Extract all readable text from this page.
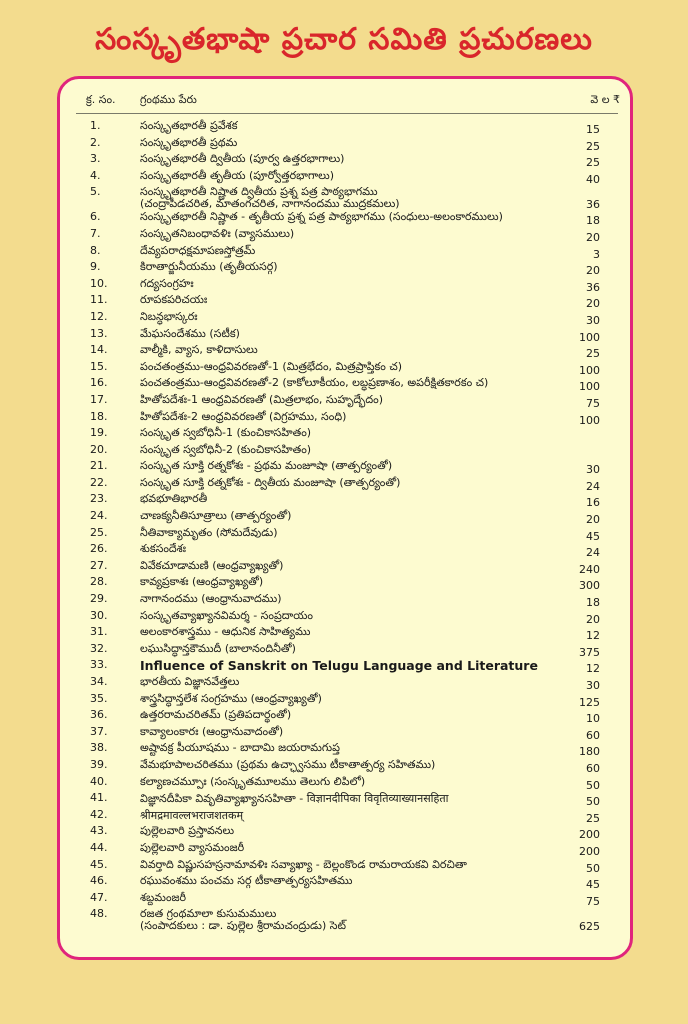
సంస్కృతభాషా ప్రచార సమితి ప్రచురణలు
క్ర. సం. గ్రంథము పేరు	వె ల ₹
1.	సంస్కృతభారతీ ప్రవేశక	15
2.	సంస్కృతభారతీ ప్రథమ	25
3.	సంస్కృతభారతీ ద్వితీయ (పూర్వ ఉత్తరభాగాలు)	25
4.	సంస్కృతభారతీ తృతీయ (పూర్వోత్తరభాగాలు)	40
5.	సంస్కృతభారతీ నిష్ణాత ద్వితీయ ప్రశ్న పత్ర పాఠ్యభాగము
(చంద్రాపీడచరిత, మాతంగచరిత, నాగానందము ముద్రకమలు)	36
6.	సంస్కృతభారతీ నిష్ణాత - తృతీయ ప్రశ్న పత్ర పాఠ్యభాగము (సంధులు-అలంకారములు)	18
7.	సంస్కృతనిబంధావళిః (వ్యాసములు)	20
8.	దేవ్యపరాధక్షమాపణస్తోత్రమ్	3
9.	కిరాతార్జునీయము (తృతీయసర్గ)	20
10.	గద్యసంగ్రహః	36
11.	రూపకపరిచయః	20
12.	నిబన్ధభాస్కరః	30
13.	మేఘసందేశము (సటీక)	100
14.	వాల్మీకి, వ్యాస, కాళిదాసులు	25
15.	పంచతంత్రము-ఆంధ్రవివరణతో-1 (మిత్రభేదం, మిత్రప్రాప్తికం చ)	100
16.	పంచతంత్రము-ఆంధ్రవివరణతో-2 (కాకోలూకీయం, లబ్ధప్రణాశం, అపరీక్షితకారకం చ)	100
17.	హితోపదేశః-1 ఆంధ్రవివరణతో (మిత్రలాభం, సుహృద్భేదం)	75
18.	హితోపదేశః-2 ఆంధ్రవివరణతో (విగ్రహము, సంధి)	100
19.	సంస్కృత స్వబోధినీ-1 (కుంచికాసహితం)
20.	సంస్కృత స్వబోధినీ-2 (కుంచికాసహితం)
21.	సంస్కృత సూక్తి రత్నకోశః - ప్రథమ మంజూషా (తాత్పర్యంతో)	30
22.	సంస్కృత సూక్తి రత్నకోశః - ద్వితీయ మంజూషా (తాత్పర్యంతో)	24
23.	భవభూతిభారతీ	16
24.	చాణక్యనీతిసూత్రాలు (తాత్పర్యంతో)	20
25.	నీతివాక్యామృతం (సోమదేవుడు)	45
26.	శుకసందేశః	24
27.	వివేకచూడామణి (ఆంధ్రవ్యాఖ్యతో)	240
28.	కావ్యప్రకాశః (ఆంధ్రవ్యాఖ్యతో)	300
29.	నాగానందము (ఆంధ్రానువాదము)	18
30.	సంస్కృతవ్యాఖ్యానవిమర్శ - సంప్రదాయం	20
31.	అలంకారశాస్త్రము - ఆధునిక సాహిత్యము	12
32.	లఘుసిద్ధాన్తకౌముదీ (బాలానందినీతో)	375
33.	Influence of Sanskrit on Telugu Language and Literature	12
34.	భారతీయ విజ్ఞానవేత్తలు	30
35.	శాస్త్రసిద్ధాన్తలేశ సంగ్రహము (ఆంధ్రవ్యాఖ్యతో)	125
36.	ఉత్తరరామచరితమ్ (ప్రతిపదార్థంతో)	10
37.	కావ్యాలంకారః (ఆంధ్రానువాదంతో)	60
38.	అష్టావక్ర పీయూషము - బాదామి జయరామగుప్త	180
39.	వేమభూపాలచరితము (ప్రథమ ఉచ్ఛ్వాసము టీకాతాత్పర్య సహితము)	60
40.	కల్యాణచమ్పూః (సంస్కృతమూలము తెలుగు లిపిలో)	50
41.	విజ్ఞానదీపికా వివృతివ్యాఖ్యానసహితా - विज्ञानदीपिका विवृतिव्याख्यानसहिता	50
42.	श्रीमद्रमावल्लभराजशतकम्	25
43.	పుల్లెలవారి ప్రస్తావనలు	200
44.	పుల్లెలవారి వ్యాసమంజరీ	200
45.	వివర్తాది విష్ణుసహస్రనామావళిః సవ్యాఖ్యా - బెల్లంకొండ రామరాయకవి విరచితా	50
46.	రఘువంశము పంచమ సర్గ టీకాతాత్పర్యసహితము	45
47.	శబ్దమంజరీ	75
48.	రజత గ్రంథమాలా కుసుమములు
(సంపాదకులు : డా. పుల్లెల శ్రీరామచంద్రుడు) సెట్	625
